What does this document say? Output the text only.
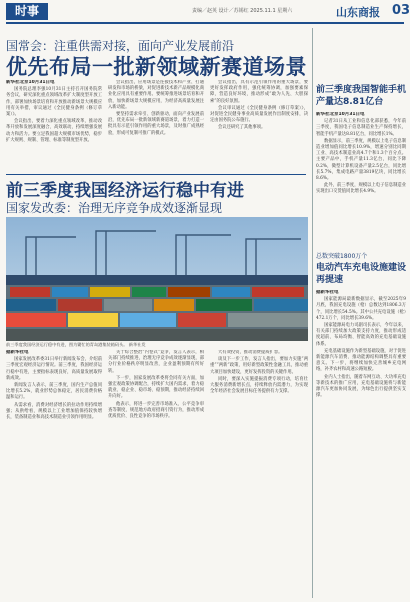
时事	责编／赵英 设计／苏锡红 2025.11.1 星期六	山东商报 03
国常会：注重供需对接，面向产业发展前沿
优先布局一批新领域新赛道场景

新华社北京10月31日电

国务院总理李强10月31日主持召开国务院常务会议，研究深化重点领域改革扩大制度型开放工作，部署加快场景培育和开放推动新场景大规模应用有关举措，审议通过《全民健身条例（修订草案）》。

会议指出，要着力深化重点领域改革，推动改革开放和发展深度融合、高效联动，持续增强发展动力和活力。要立足我国超大规模市场优势，稳步扩大规则、规制、管理、标准等制度型开放。

会议指出，应用场景是连接技术和产业、打通研发和市场的桥梁，对促进新技术新产品规模化商业化应用具有重要作用。要统筹推进场景培育和开放，加快新场景大规模应用，为经济高质量发展注入新动能。

要坚持需求牵引、创新驱动，面向产业发展前沿，优先布局一批新领域新赛道场景，着力打造一批具有示范引领作用的重大场景，及时推广成熟经验，形成可复制可推广的模式。

会议指出，具有示范引领作用的重大场景，要更好发挥政府作用，强化统筹协调，加强要素保障，营造良好环境，推动形成“敢为人先、大胆探索”的良好氛围。

会议审议通过《全民健身条例（修订草案）》，对促进全民健身事业高质量发展作出制度安排，决定由国务院公布施行。

会议还研究了其他事项。

前三季度我国智能手机产量达8.81亿台

新华社北京10月31日电

记者31日从工业和信息化部获悉，今年前三季度，我国电子信息制造业生产保持增长，智能手机产量达8.81亿台，同比增长1%。

数据显示，前三季度，规模以上电子信息制造业增加值同比增长10.9%，增速分别比同期工业、高技术制造业高4.7个和1.3个百分点。主要产品中，手机产量11.3亿台，同比下降0.2%，微型计算机设备产量2.5亿台，同比增长5.7%，集成电路产量3819亿块，同比增长8.6%。

此外，前三季度，规模以上电子信息制造业实现出口交货值同比增长4.9%。

总数突破1800万个
电动汽车充电设施建设再提速

据新华社电

国家能源局最新数据显示，截至2025年9月底，我国充电设施（枪）总数达到1806.3万个，同比增长54.5%。其中公共充电设施（枪）472.1万个，同比增长39.6%。

国家能源局电力司副司长表示，今年以来，有关部门持续加大政策支持力度，推动形成适度超前、布局均衡、智能高效的充电基础设施体系。

充电基础设施作为新型基础设施，对于促进新能源汽车消费、推动能源结构调整具有重要意义。下一步，将继续加快完善城乡充电网络，补齐农村和高速公路短板。

业内人士指出，随着车网互动、大功率充电等新技术的推广应用，充电基础设施将与新能源汽车更加协同发展，为绿色出行提供坚实支撑。

前三季度我国经济运行稳中有进
国家发改委：治理无序竞争成效逐渐显现
前三季度我国经济运行稳中有进，图为繁忙的青岛港集装箱码头。 新华社发

据新华社电

国家发展改革委31日举行新闻发布会，介绍前三季度宏观经济运行情况。前三季度，我国经济运行稳中有进，主要指标表现良好，高质量发展取得新成效。

新闻发言人表示，前三季度，国内生产总值同比增长5.2%，就业形势总体稳定，居民消费价格温和运行。

从需求看，消费对经济增长的拉动作用持续增强；从供给看，规模以上工业增加值保持较快增长，装备制造业和高技术制造业引领作用明显。

关于综合整治“内卷式”竞争，发言人表示，相关部门持续推进，治理无序竞争成效逐渐显现，部分行业价格秩序明显改善，企业盈利预期有所好转。

下一步，国家发展改革委将会同有关方面，加强宏观政策协调配合，持续扩大国内需求，着力稳就业、稳企业、稳市场、稳预期，推动经济持续回升向好。

他表示，将进一步完善市场准入、公平竞争审查等制度，规范地方政府招商引资行为，推动形成优质优价、良性竞争的市场秩序。

大有效投资，推动消费提质扩容。

谈及下一步工作，发言人指出，要加力实施“两重”“两新”政策，用好新型政策性金融工具，推动重大项目加快建设，更好发挥投资的关键作用。

同时，要深入实施提振消费专项行动，培育壮大服务消费新增长点，持续释放内需潜力，为实现全年经济社会发展目标任务提供有力支撑。
